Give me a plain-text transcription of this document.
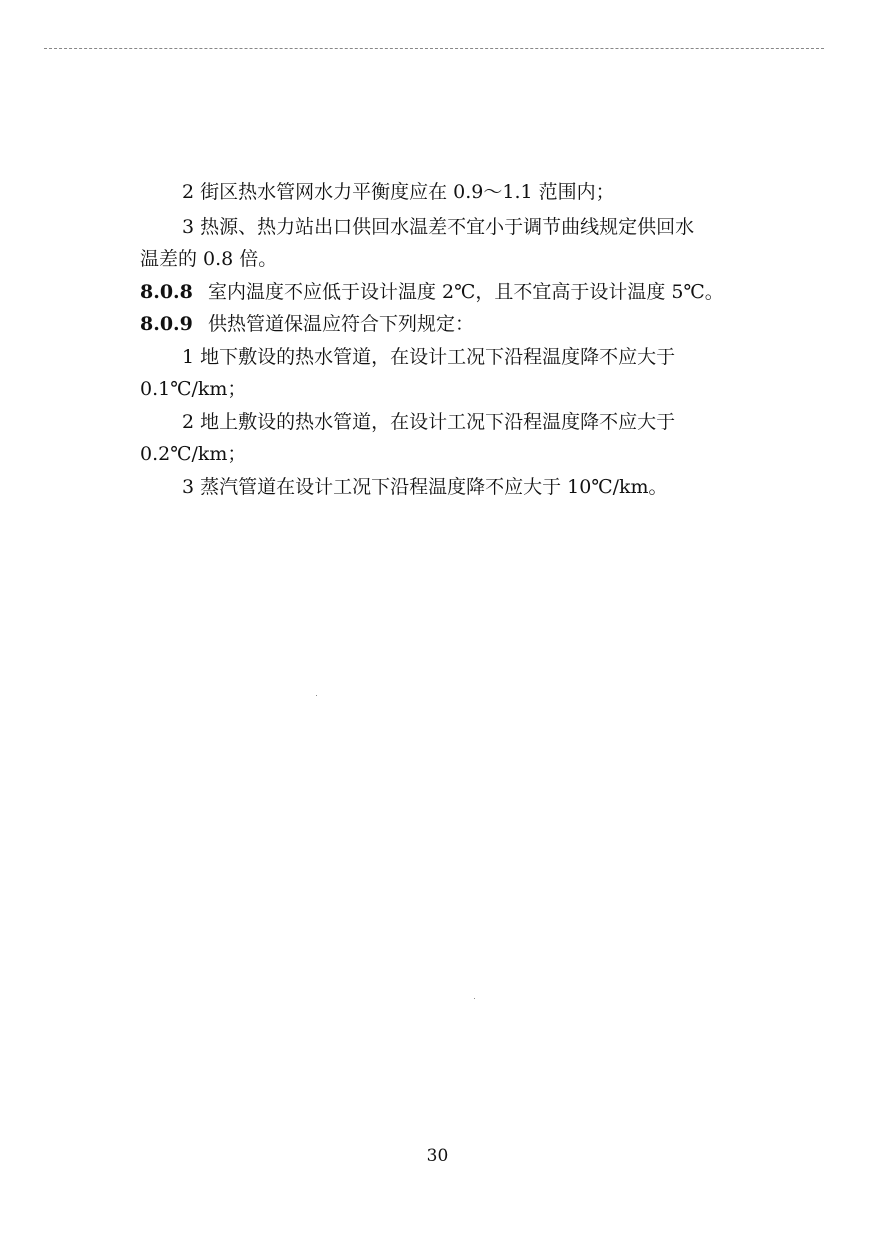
2 街区热水管网水力平衡度应在 0.9～1.1 范围内；
3 热源、热力站出口供回水温差不宜小于调节曲线规定供回水
温差的 0.8 倍。
8.0.8 室内温度不应低于设计温度 2℃，且不宜高于设计温度 5℃。
8.0.9 供热管道保温应符合下列规定：
1 地下敷设的热水管道，在设计工况下沿程温度降不应大于
0.1℃/km；
2 地上敷设的热水管道，在设计工况下沿程温度降不应大于
0.2℃/km；
3 蒸汽管道在设计工况下沿程温度降不应大于 10℃/km。
30
